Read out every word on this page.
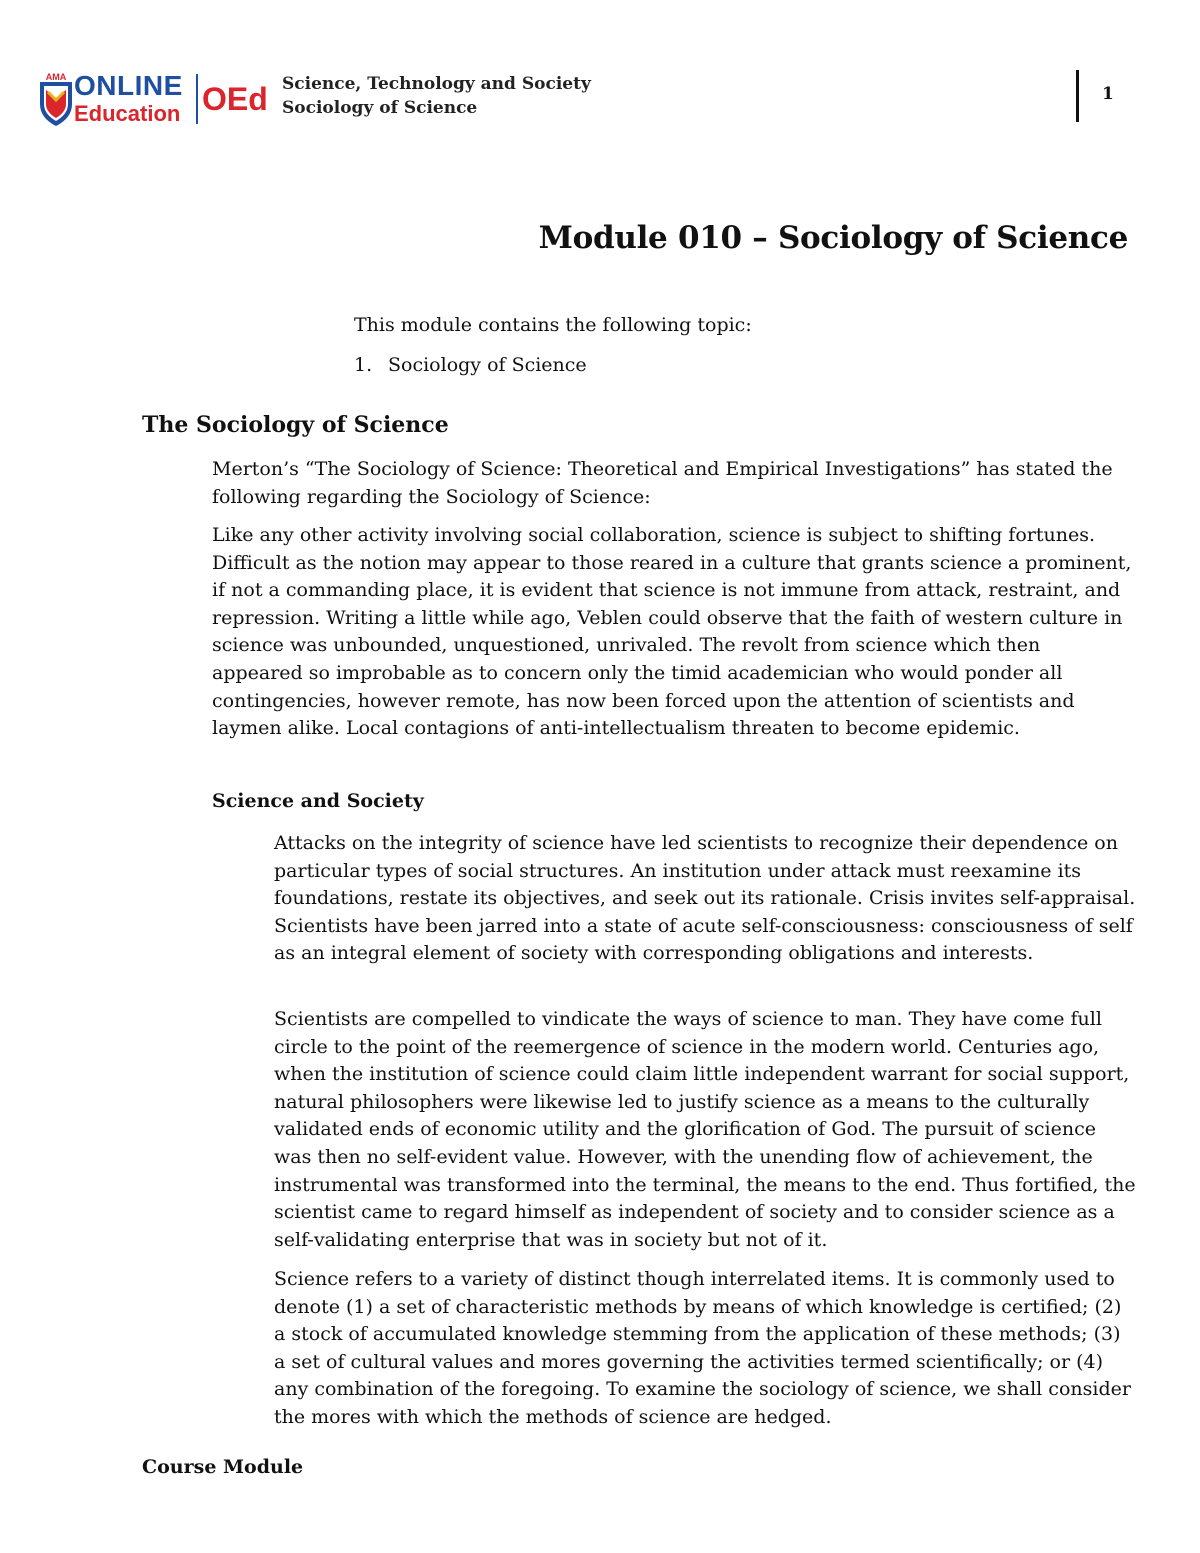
AMA ONLINE
Education OEd Science, Technology and Society
Sociology of Science
1
Module 010 – Sociology of Science
This module contains the following topic:
1. Sociology of Science
The Sociology of Science

Merton’s “The Sociology of Science: Theoretical and Empirical Investigations” has stated the following regarding the Sociology of Science:

Like any other activity involving social collaboration, science is subject to shifting fortunes. Difficult as the notion may appear to those reared in a culture that grants science a prominent, if not a commanding place, it is evident that science is not immune from attack, restraint, and repression. Writing a little while ago, Veblen could observe that the faith of western culture in science was unbounded, unquestioned, unrivaled. The revolt from science which then appeared so improbable as to concern only the timid academician who would ponder all contingencies, however remote, has now been forced upon the attention of scientists and laymen alike. Local contagions of anti-intellectualism threaten to become epidemic.

Science and Society

Attacks on the integrity of science have led scientists to recognize their dependence on particular types of social structures. An institution under attack must reexamine its foundations, restate its objectives, and seek out its rationale. Crisis invites self-appraisal. Scientists have been jarred into a state of acute self-consciousness: consciousness of self as an integral element of society with corresponding obligations and interests.

Scientists are compelled to vindicate the ways of science to man. They have come full circle to the point of the reemergence of science in the modern world. Centuries ago, when the institution of science could claim little independent warrant for social support, natural philosophers were likewise led to justify science as a means to the culturally validated ends of economic utility and the glorification of God. The pursuit of science was then no self-evident value. However, with the unending flow of achievement, the instrumental was transformed into the terminal, the means to the end. Thus fortified, the scientist came to regard himself as independent of society and to consider science as a self-validating enterprise that was in society but not of it.

Science refers to a variety of distinct though interrelated items. It is commonly used to denote (1) a set of characteristic methods by means of which knowledge is certified; (2) a stock of accumulated knowledge stemming from the application of these methods; (3) a set of cultural values and mores governing the activities termed scientifically; or (4) any combination of the foregoing. To examine the sociology of science, we shall consider the mores with which the methods of science are hedged.

Course Module
